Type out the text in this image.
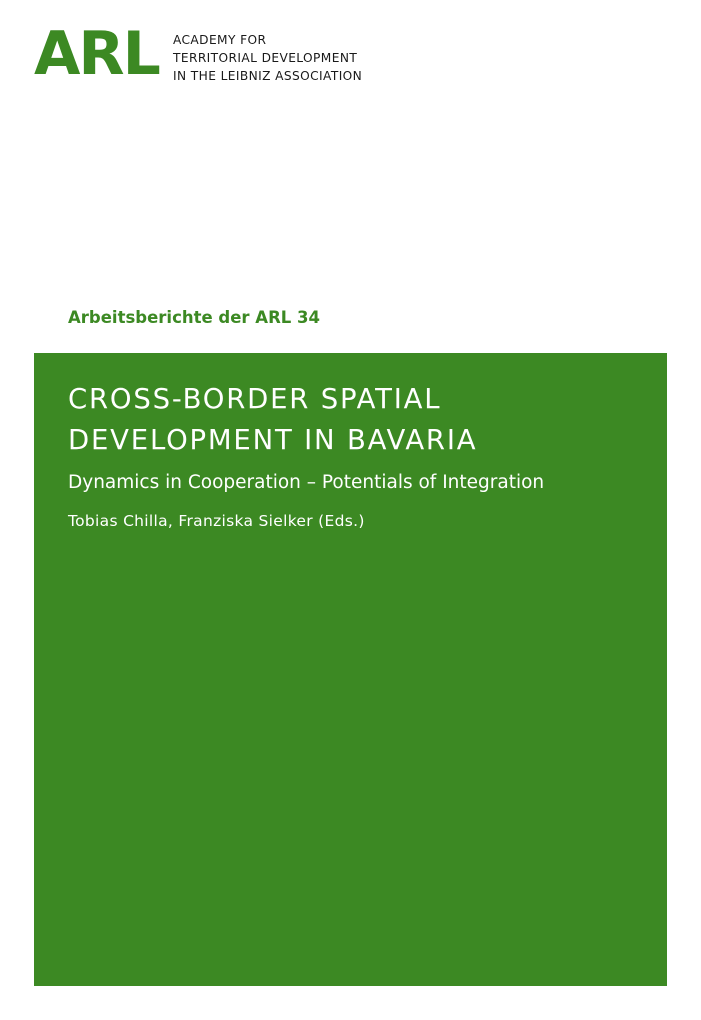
ARL ACADEMY FOR
TERRITORIAL DEVELOPMENT
IN THE LEIBNIZ ASSOCIATION
Arbeitsberichte der ARL 34
CROSS-BORDER SPATIAL
DEVELOPMENT IN BAVARIA
Dynamics in Cooperation – Potentials of Integration
Tobias Chilla, Franziska Sielker (Eds.)
